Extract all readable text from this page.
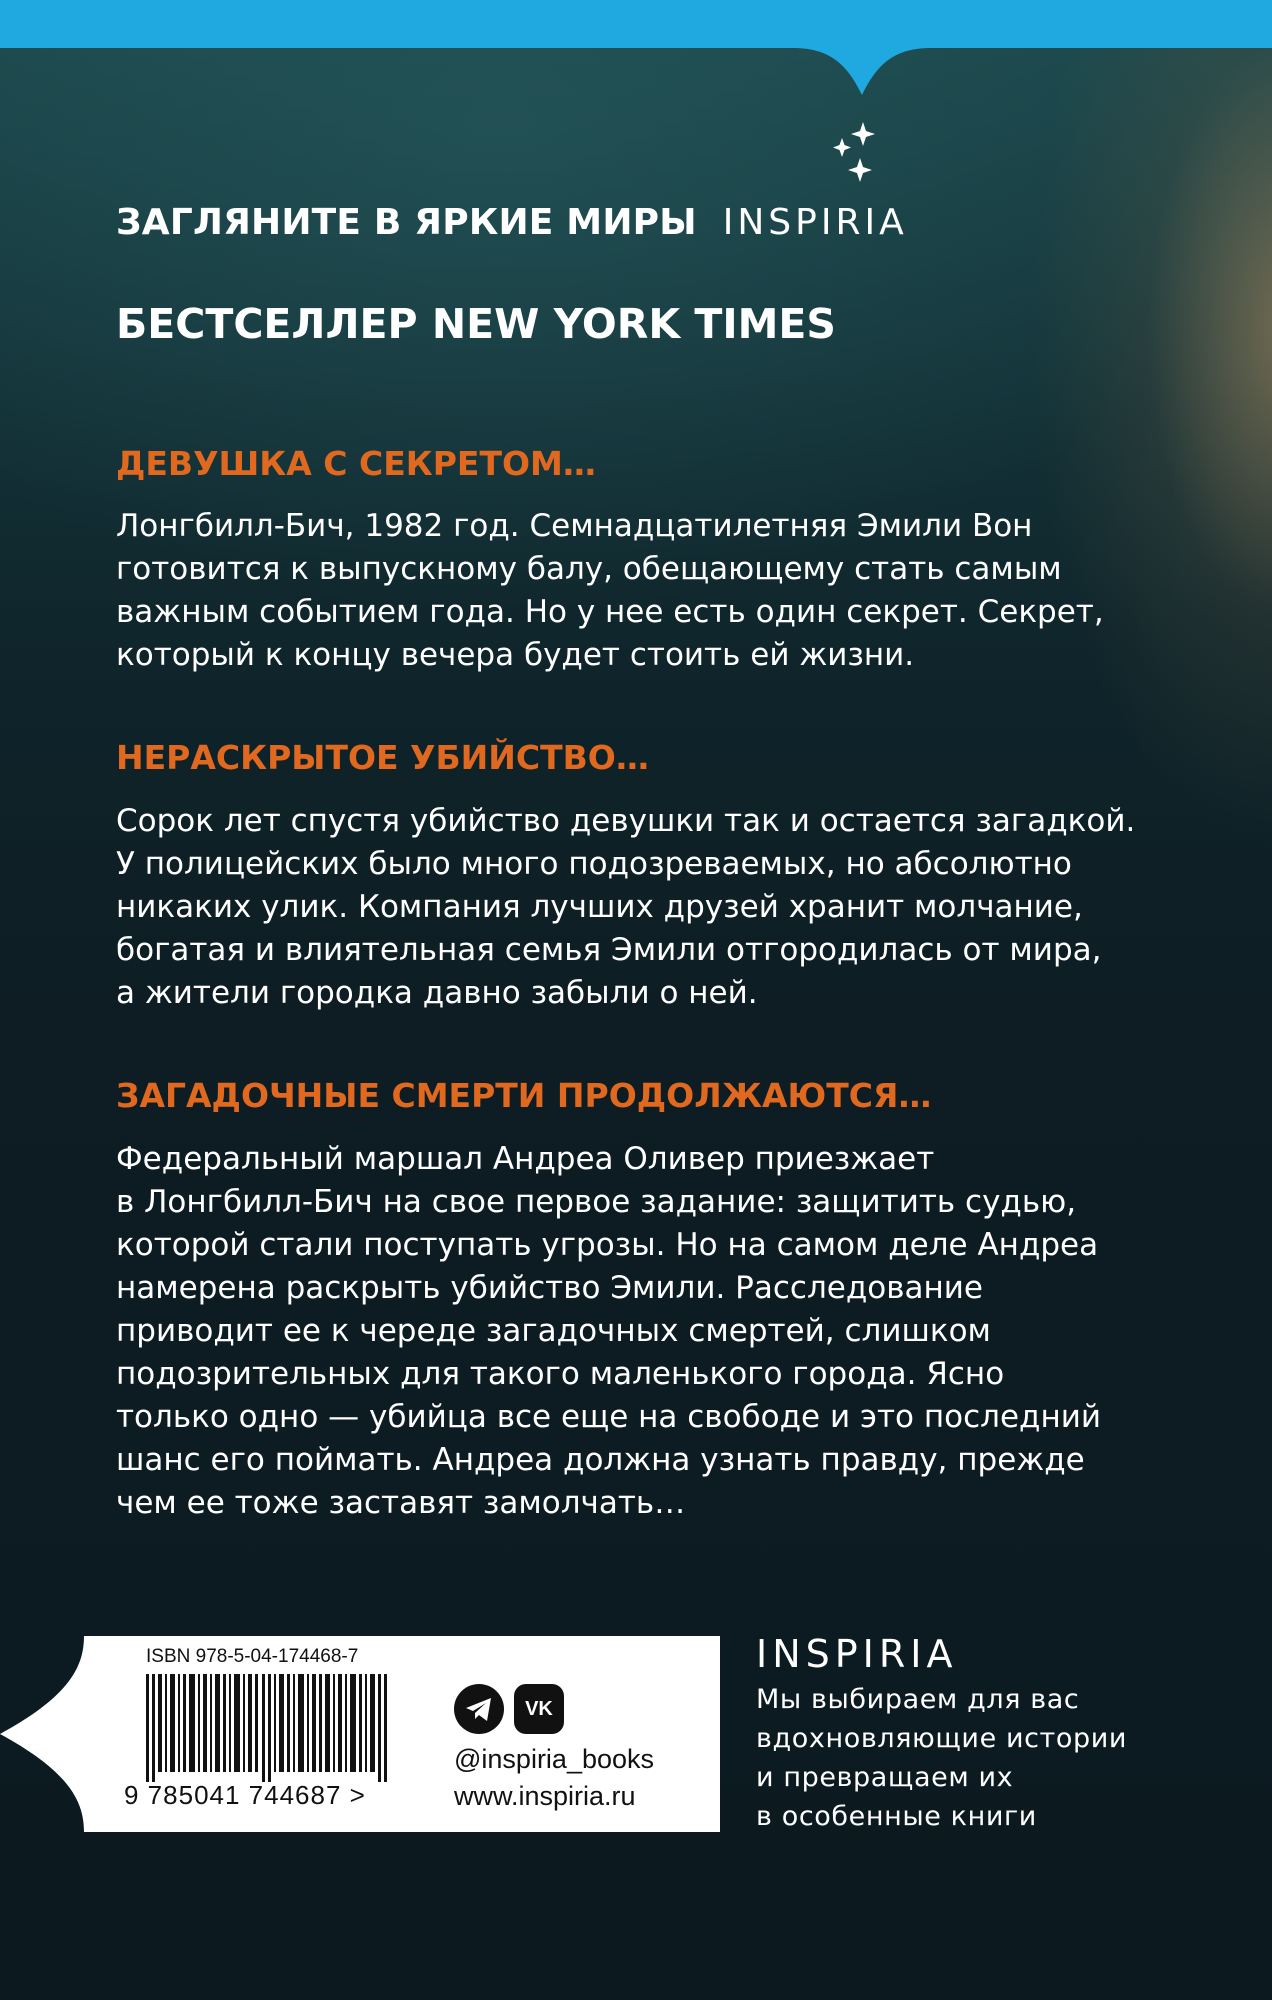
ЗАГЛЯНИТЕ В ЯРКИЕ МИРЫ INSPIRIA
БЕСТСЕЛЛЕР NEW YORK TIMES
ДЕВУШКА С СЕКРЕТОМ…

Лонгбилл-Бич, 1982 год. Семнадцатилетняя Эмили Вон
готовится к выпускному балу, обещающему стать самым
важным событием года. Но у нее есть один секрет. Секрет,
который к концу вечера будет стоить ей жизни.

НЕРАСКРЫТОЕ УБИЙСТВО…

Сорок лет спустя убийство девушки так и остается загадкой.
У полицейских было много подозреваемых, но абсолютно
никаких улик. Компания лучших друзей хранит молчание,
богатая и влиятельная семья Эмили отгородилась от мира,
а жители городка давно забыли о ней.

ЗАГАДОЧНЫЕ СМЕРТИ ПРОДОЛЖАЮТСЯ…

Федеральный маршал Андреа Оливер приезжает
в Лонгбилл-Бич на свое первое задание: защитить судью,
которой стали поступать угрозы. Но на самом деле Андреа
намерена раскрыть убийство Эмили. Расследование
приводит ее к череде загадочных смертей, слишком
подозрительных для такого маленького города. Ясно
только одно — убийца все еще на свободе и это последний
шанс его поймать. Андреа должна узнать правду, прежде
чем ее тоже заставят замолчать…

ISBN 978-5-04-174468-7
9 785041 744687 >
VK
@inspiria_books
www.inspiria.ru
INSPIRIA

Мы выбираем для вас
вдохновляющие истории
и превращаем их
в особенные книги
